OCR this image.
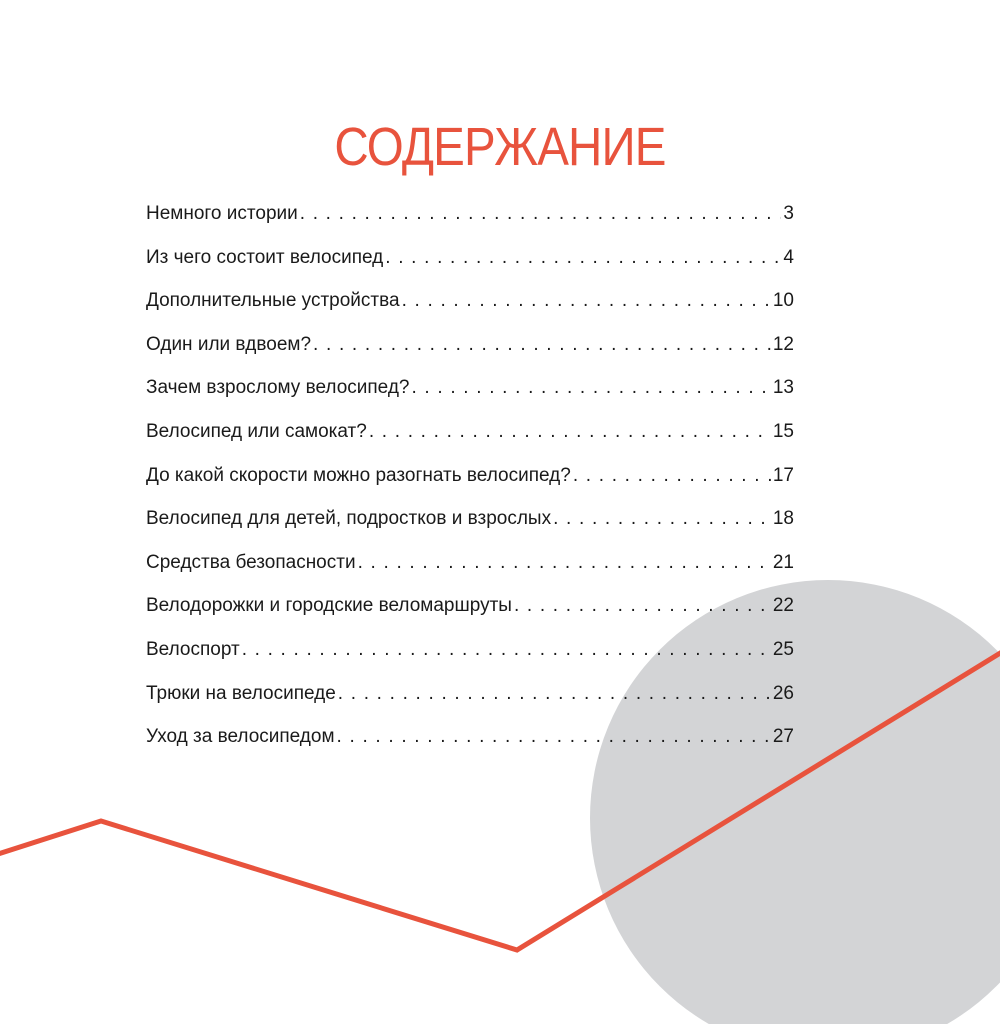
СОДЕРЖАНИЕ
Немного истории . . .	3
Из чего состоит велосипед . . .	4
Дополнительные устройства . . .	10
Один или вдвоем? . . .	12
Зачем взрослому велосипед? . . .	13
Велосипед или самокат? . . .	15
До какой скорости можно разогнать велосипед? . . .	17
Велосипед для детей, подростков и взрослых . . .	18
Средства безопасности . . .	21
Велодорожки и городские веломаршруты . . .	22
Велоспорт . . .	25
Трюки на велосипеде . . .	26
Уход за велосипедом . . .	27
